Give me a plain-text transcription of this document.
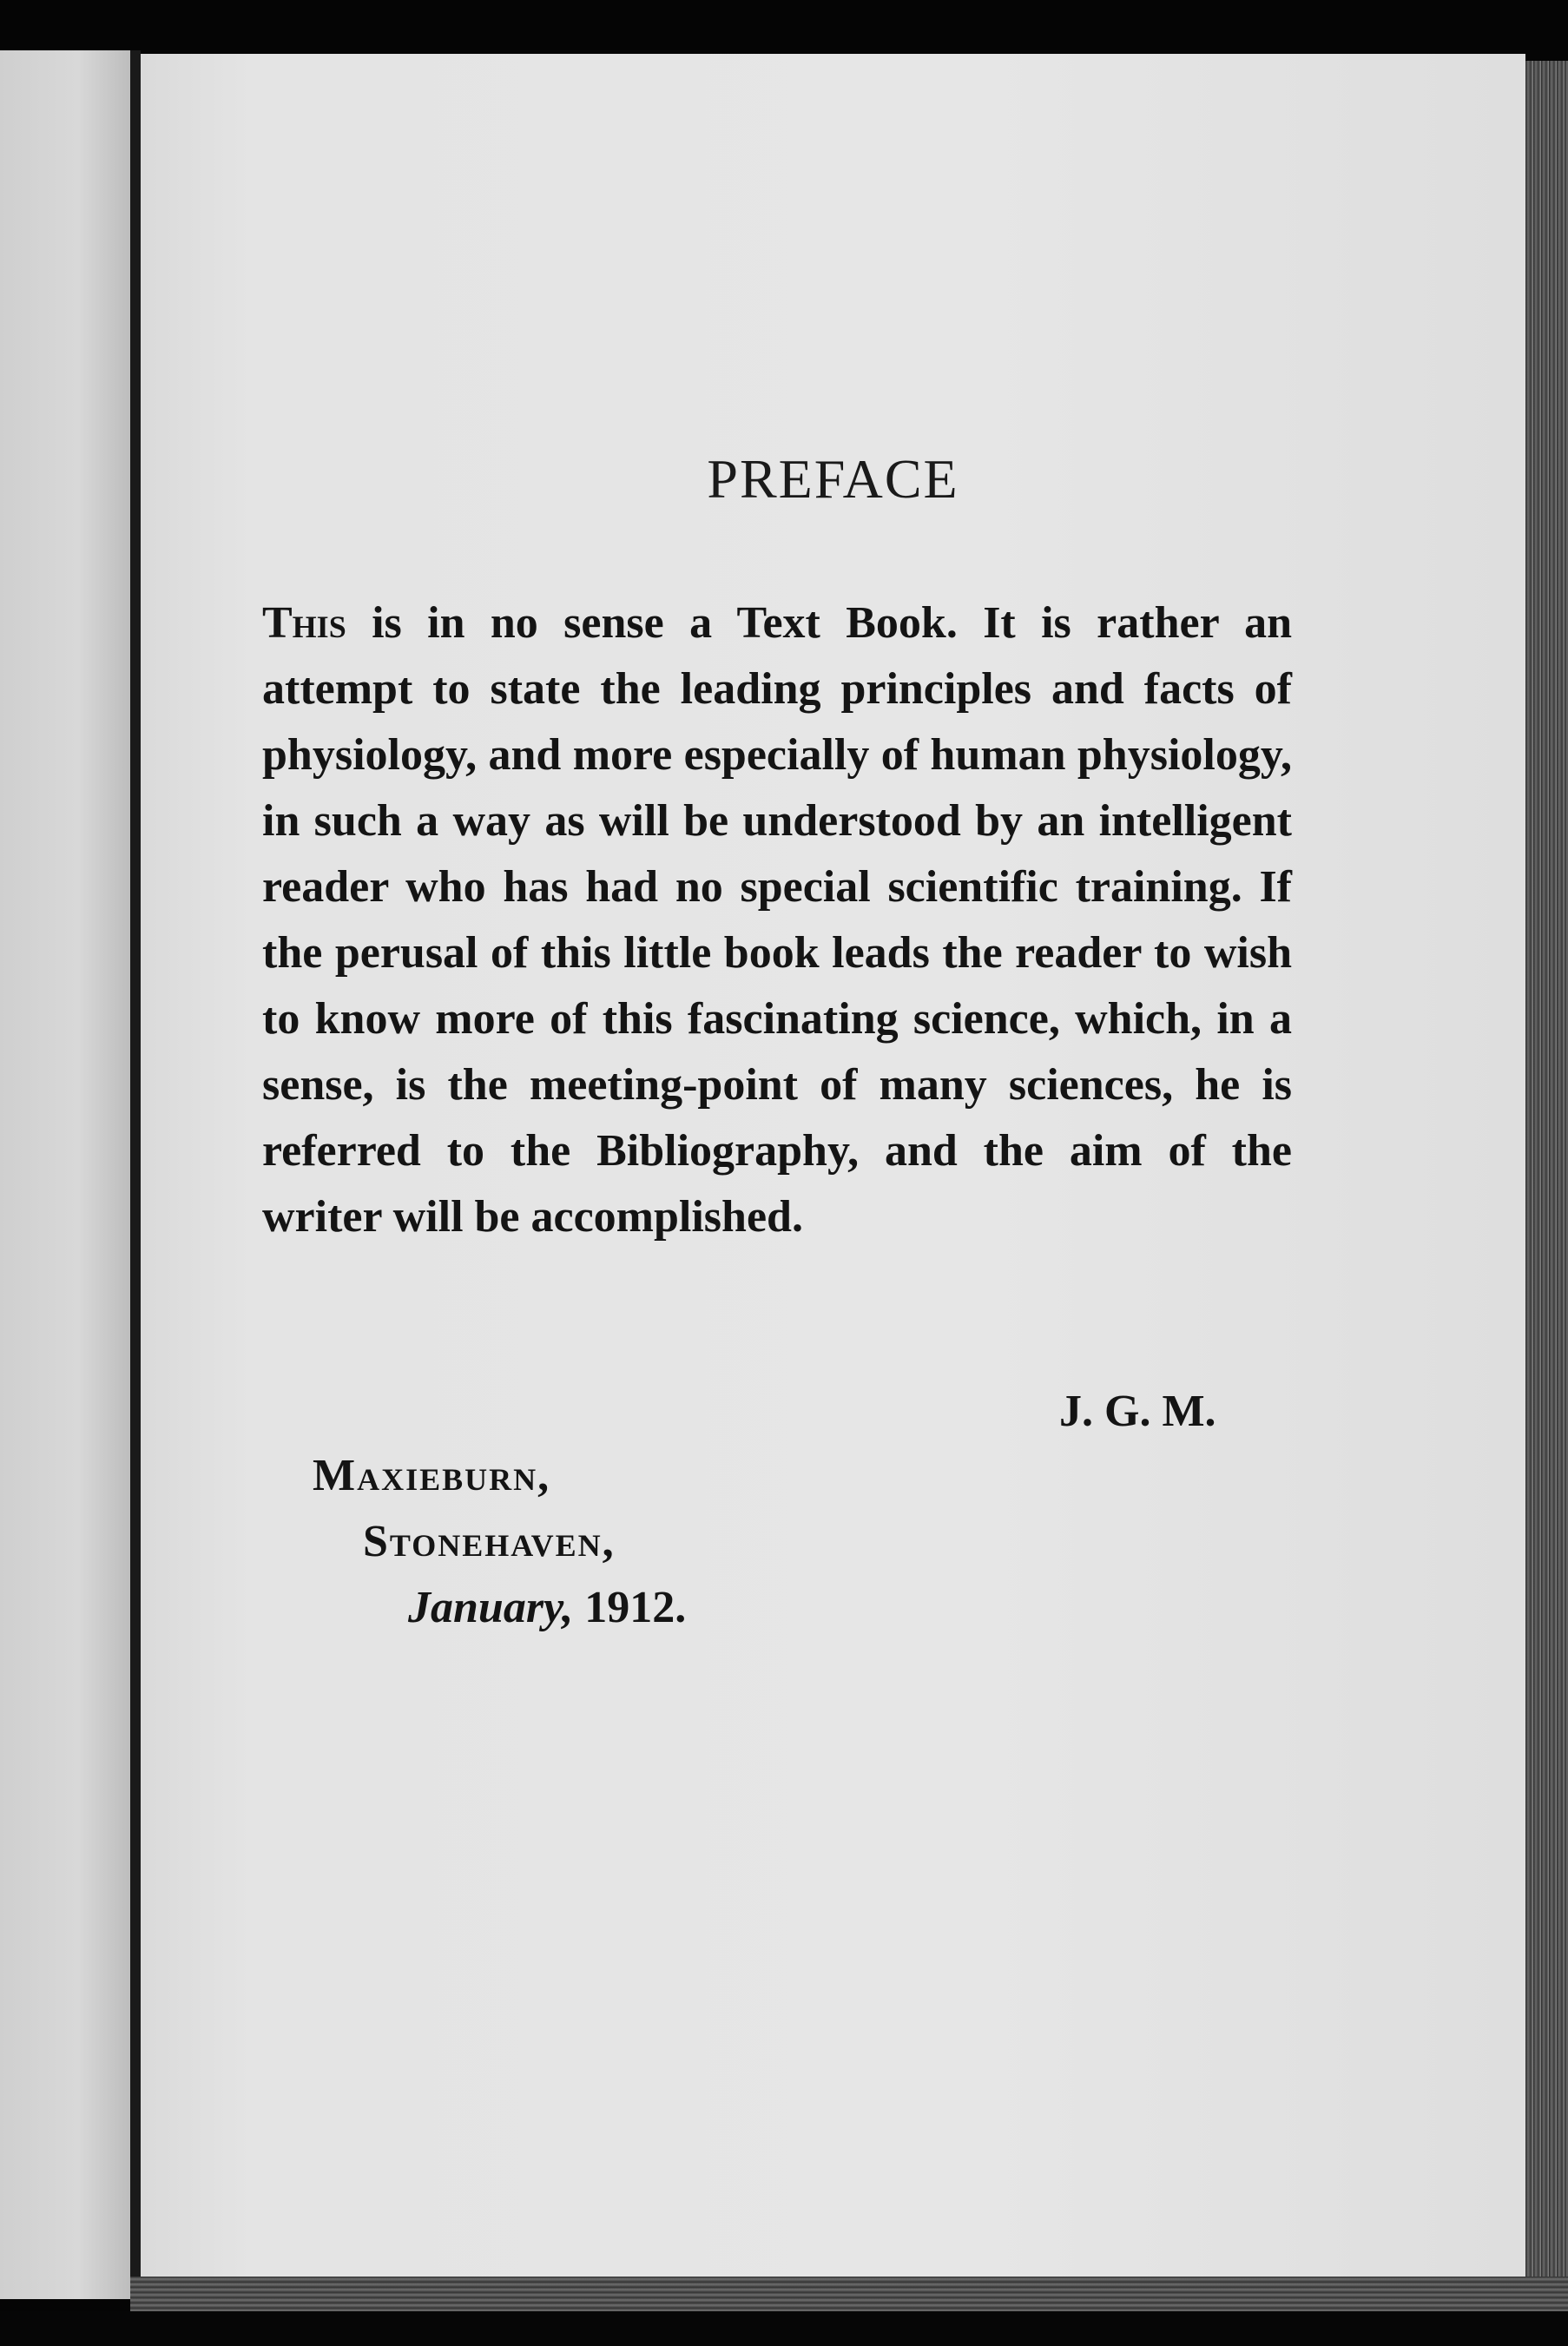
PREFACE

This is in no sense a Text Book. It is rather an attempt to state the leading principles and facts of physiology, and more especially of human physiology, in such a way as will be understood by an intelligent reader who has had no special scientific training. If the perusal of this little book leads the reader to wish to know more of this fascinating science, which, in a sense, is the meeting-point of many sciences, he is referred to the Bibliography, and the aim of the writer will be accomplished.

J. G. M.

Maxieburn,

Stonehaven,

January, 1912.
